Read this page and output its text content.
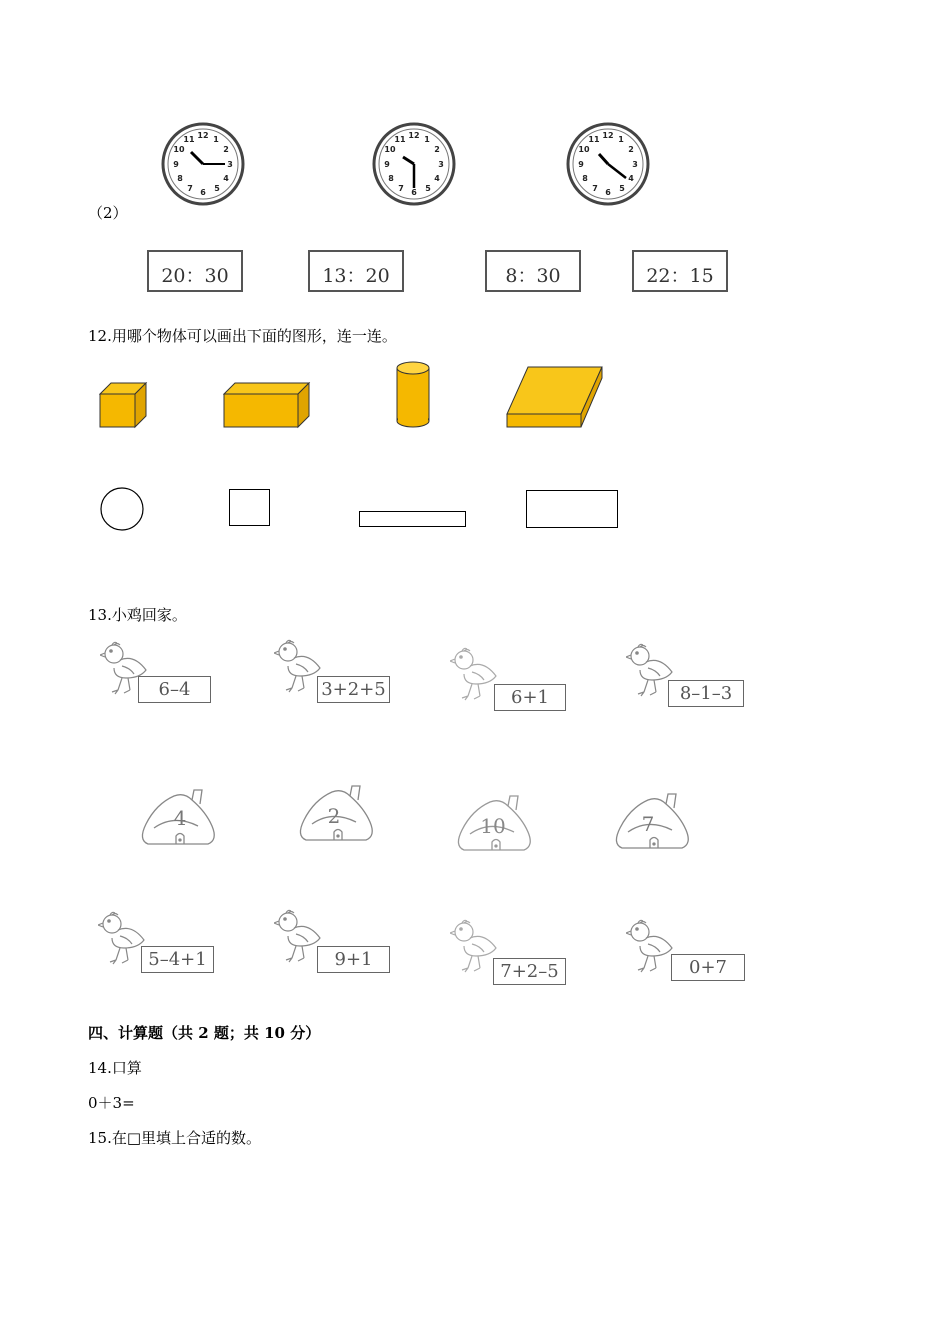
12 1
2
3
4
5
6
7
8
9
10
11	12 1
2
3
4
5
6
7
8
9
10
11	12 1
2
3
4
5
6
7
8
9
10
11
（2）
20：30	13：20	8：30	22：15
12.用哪个物体可以画出下面的图形，连一连。
13.小鸡回家。
6–4	3+2+5	6+1	8–1–3
4	2	10	7
5–4+1	9+1
7+2–5	0+7
四、计算题（共 2 题；共 10 分）
14.口算
0＋3=
15.在□里填上合适的数。
